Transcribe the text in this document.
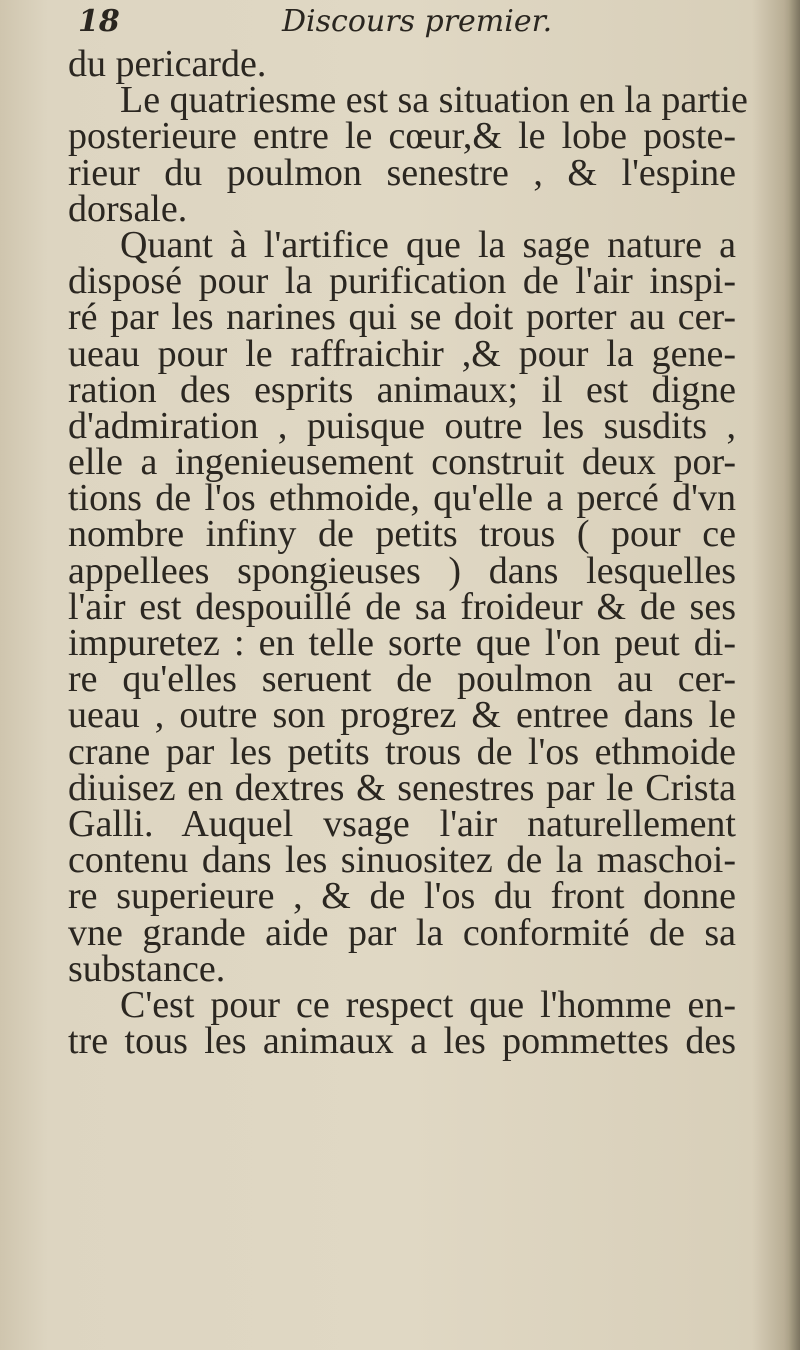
18	Discours premier.
du pericarde.
Le quatriesme est sa situation en la partie
posterieure entre le cœur,& le lobe poste-
rieur du poulmon senestre , & l'espine
dorsale.
Quant à l'artifice que la sage nature a
disposé pour la purification de l'air inspi-
ré par les narines qui se doit porter au cer-
ueau pour le raffraichir ,& pour la gene-
ration des esprits animaux; il est digne
d'admiration , puisque outre les susdits ,
elle a ingenieusement construit deux por-
tions de l'os ethmoide, qu'elle a percé d'vn
nombre infiny de petits trous ( pour ce
appellees spongieuses ) dans lesquelles
l'air est despouillé de sa froideur & de ses
impuretez : en telle sorte que l'on peut di-
re qu'elles seruent de poulmon au cer-
ueau , outre son progrez & entree dans le
crane par les petits trous de l'os ethmoide
diuisez en dextres & senestres par le Crista
Galli. Auquel vsage l'air naturellement
contenu dans les sinuositez de la maschoi-
re superieure , & de l'os du front donne
vne grande aide par la conformité de sa
substance.
C'est pour ce respect que l'homme en-
tre tous les animaux a les pommettes des
